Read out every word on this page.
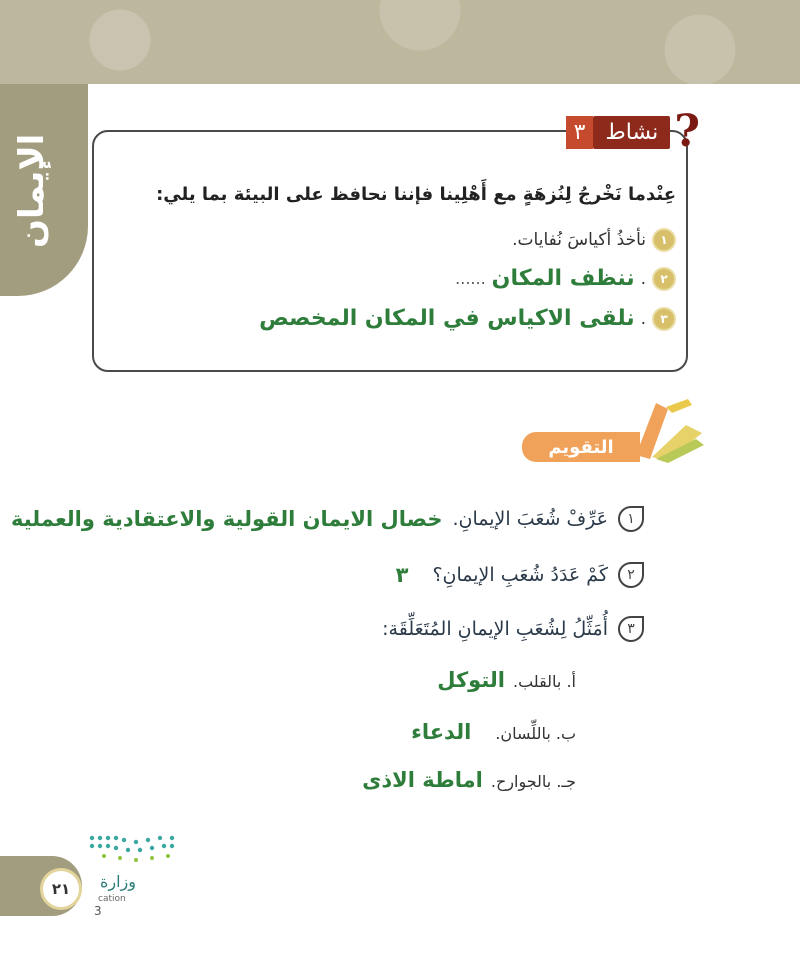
الإيمان
?
نشاط
٣
عِنْدما نَخْرجُ لِنُزهَةٍ مع أَهْلِينا فإننا نحافظ على البيئة بما يلي:
١
نأخذُ أكياسَ نُفايات.
٢
.
ننظف المكان
......
٣
.
نلقى الاكياس في المكان المخصص
التقويم
١
عَرِّفْ شُعَبَ الإيمانِ.
خصال الايمان القولية والاعتقادية والعملية
٢
كَمْ عَدَدُ شُعَبِ الإيمانِ؟
٣
٣
أُمَثِّلُ لِشُعَبِ الإيمانِ المُتَعَلِّقَة:
أ. بالقلب.
التوكل
ب. باللِّسان.
الدعاء
جـ. بالجوارح.
اماطة الاذى
٢١	وزارة
cation
3
